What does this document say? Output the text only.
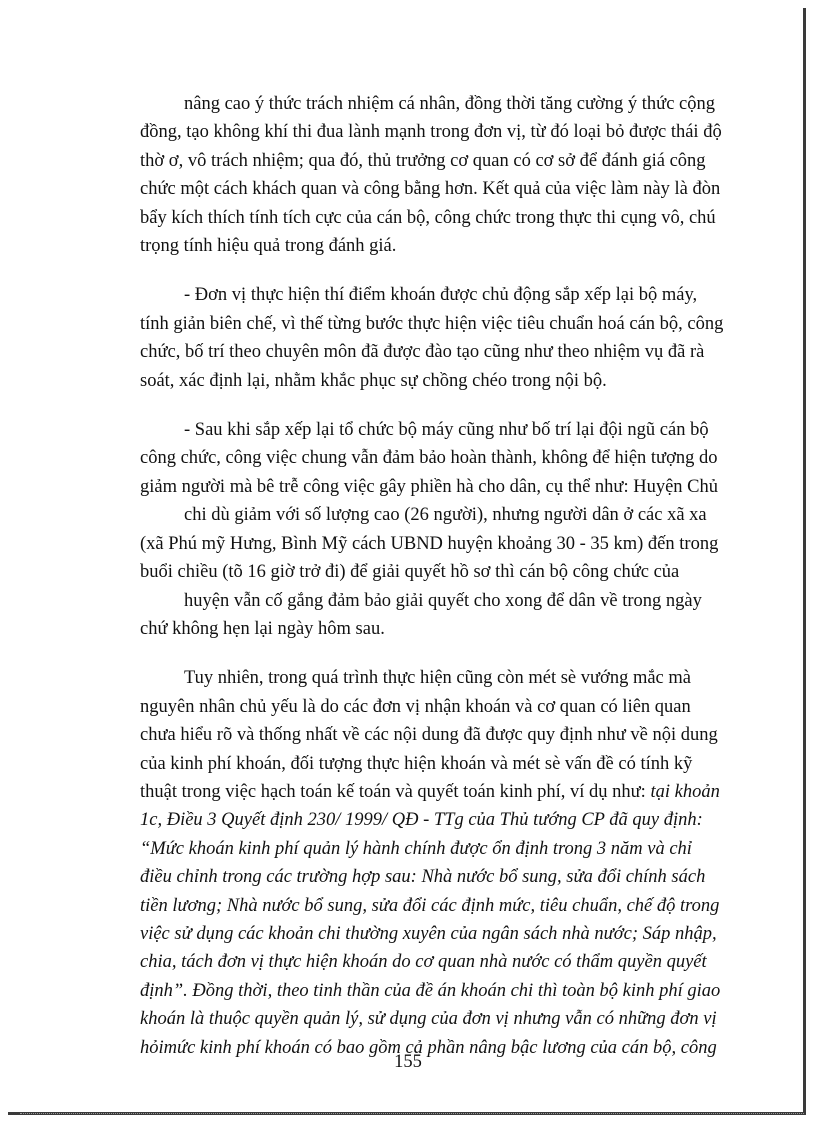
nâng cao ý thức trách nhiệm cá nhân, đồng thời tăng cường ý thức cộng
đồng, tạo không khí thi đua lành mạnh trong đơn vị, từ đó loại bỏ được thái độ
thờ ơ, vô trách nhiệm; qua đó, thủ trưởng cơ quan có cơ sở để đánh giá công
chức một cách khách quan và công bằng hơn. Kết quả của việc làm này là đòn
bẩy kích thích tính tích cực của cán bộ, công chức trong thực thi cụng vô, chú
trọng tính hiệu quả trong đánh giá.

- Đơn vị thực hiện thí điểm khoán được chủ động sắp xếp lại bộ máy,
tính giản biên chế, vì thế từng bước thực hiện việc tiêu chuẩn hoá cán bộ, công
chức, bố trí theo chuyên môn đã được đào tạo cũng như theo nhiệm vụ đã rà
soát, xác định lại, nhằm khắc phục sự chồng chéo trong nội bộ.

- Sau khi sắp xếp lại tổ chức bộ máy cũng như bố trí lại đội ngũ cán bộ
công chức, công việc chung vẫn đảm bảo hoàn thành, không để hiện tượng do
giảm người mà bê trễ công việc gây phiền hà cho dân, cụ thể như: Huyện Chủ
chi dù giảm với số lượng cao (26 người), nhưng người dân ở các xã xa
(xã Phú mỹ Hưng, Bình Mỹ cách UBND huyện khoảng 30 - 35 km) đến trong
buổi chiều (tõ 16 giờ trở đi) để giải quyết hồ sơ thì cán bộ công chức của
huyện vẫn cố gắng đảm bảo giải quyết cho xong để dân về trong ngày
chứ không hẹn lại ngày hôm sau.

Tuy nhiên, trong quá trình thực hiện cũng còn mét sè vướng mắc mà
nguyên nhân chủ yếu là do các đơn vị nhận khoán và cơ quan có liên quan
chưa hiểu rõ và thống nhất về các nội dung đã được quy định như về nội dung
của kinh phí khoán, đối tượng thực hiện khoán và mét sè vấn đề có tính kỹ
thuật trong việc hạch toán kế toán và quyết toán kinh phí, ví dụ như: tại khoản
1c, Điều 3 Quyết định 230/ 1999/ QĐ - TTg của Thủ tướng CP đã quy định:
“Mức khoán kinh phí quản lý hành chính được ổn định trong 3 năm và chỉ
điều chỉnh trong các trường hợp sau: Nhà nước bổ sung, sửa đổi chính sách
tiền lương; Nhà nước bổ sung, sửa đổi các định mức, tiêu chuẩn, chế độ trong
việc sử dụng các khoản chi thường xuyên của ngân sách nhà nước; Sáp nhập,
chia, tách đơn vị thực hiện khoán do cơ quan nhà nước có thẩm quyền quyết
định”. Đồng thời, theo tinh thần của đề án khoán chi thì toàn bộ kinh phí giao
khoán là thuộc quyền quản lý, sử dụng của đơn vị nhưng vẫn có những đơn vị
hỏimức kinh phí khoán có bao gồm cả phần nâng bậc lương của cán bộ, công

155
